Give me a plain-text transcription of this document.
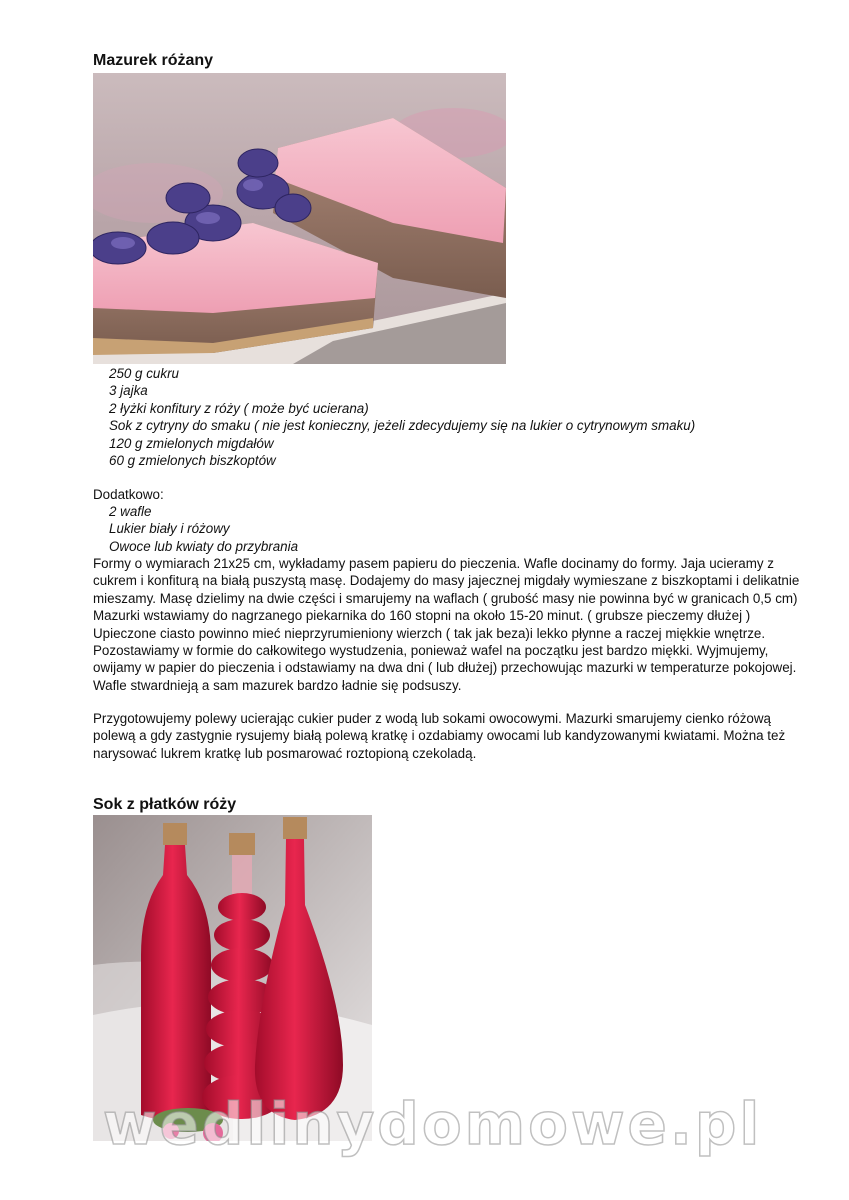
Mazurek różany
250 g cukru
3 jajka
2 łyżki konfitury z róży ( może być ucierana)
Sok z cytryny do smaku ( nie jest konieczny, jeżeli zdecydujemy się na lukier o cytrynowym smaku)
120 g zmielonych migdałów
60 g zmielonych biszkoptów

Dodatkowo:

2 wafle
Lukier biały i różowy
Owoce lub kwiaty do przybrania

Formy o wymiarach 21x25 cm, wykładamy pasem papieru do pieczenia. Wafle docinamy do formy. Jaja ucieramy z cukrem i konfiturą na białą puszystą masę. Dodajemy do masy jajecznej migdały wymieszane z biszkoptami i delikatnie mieszamy. Masę dzielimy na dwie części i smarujemy na waflach ( grubość masy nie powinna być w granicach 0,5 cm) Mazurki wstawiamy do nagrzanego piekarnika do 160 stopni na około 15-20 minut. ( grubsze pieczemy dłużej ) Upieczone ciasto powinno mieć nieprzyrumieniony wierzch ( tak jak beza)i lekko płynne a raczej miękkie wnętrze. Pozostawiamy w formie do całkowitego wystudzenia, ponieważ wafel na początku jest bardzo miękki. Wyjmujemy, owijamy w papier do pieczenia i odstawiamy na dwa dni ( lub dłużej) przechowując mazurki w temperaturze pokojowej. Wafle stwardnieją a sam mazurek bardzo ładnie się podsuszy.

Przygotowujemy polewy ucierając cukier puder z wodą lub sokami owocowymi. Mazurki smarujemy cienko różową polewą a gdy zastygnie rysujemy białą polewą kratkę i ozdabiamy owocami lub kandyzowanymi kwiatami. Można też narysować lukrem kratkę lub posmarować roztopioną czekoladą.

Sok z płatków róży
wedlinydomowe.pl
